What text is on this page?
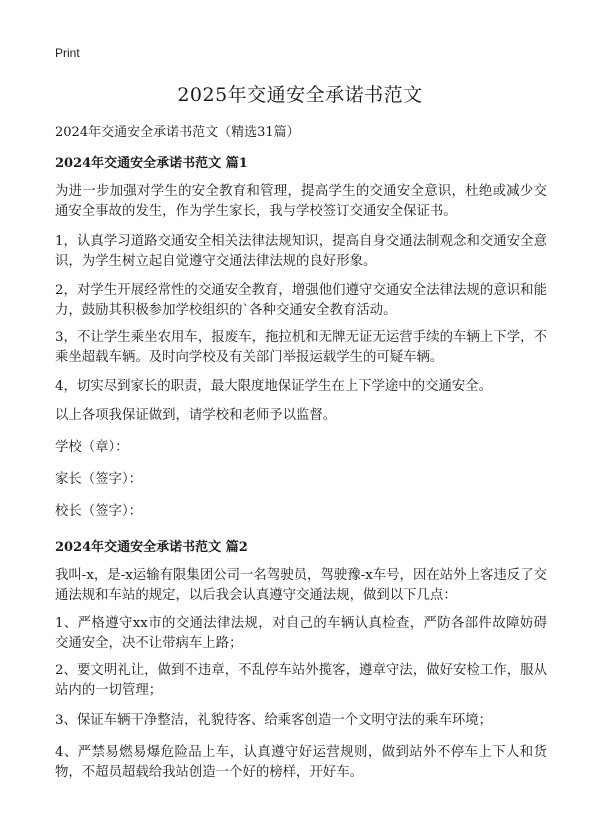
Print
2025年交通安全承诺书范文

2024年交通安全承诺书范文（精选31篇）

2024年交通安全承诺书范文 篇1

为进一步加强对学生的安全教育和管理，提高学生的交通安全意识，杜绝或减少交通安全事故的发生，作为学生家长，我与学校签订交通安全保证书。

1，认真学习道路交通安全相关法律法规知识，提高自身交通法制观念和交通安全意识，为学生树立起自觉遵守交通法律法规的良好形象。

2，对学生开展经常性的交通安全教育，增强他们遵守交通安全法律法规的意识和能力，鼓励其积极参加学校组织的`各种交通安全教育活动。

3，不让学生乘坐农用车，报废车，拖拉机和无牌无证无运营手续的车辆上下学，不乘坐超载车辆。及时向学校及有关部门举报运载学生的可疑车辆。

4，切实尽到家长的职责，最大限度地保证学生在上下学途中的交通安全。

以上各项我保证做到，请学校和老师予以监督。

学校（章）：

家长（签字）：

校长（签字）：

2024年交通安全承诺书范文 篇2

我叫-x，是-x运输有限集团公司一名驾驶员，驾驶豫-x车号，因在站外上客违反了交通法规和车站的规定，以后我会认真遵守交通法规，做到以下几点：

1、严格遵守xx市的交通法律法规，对自己的车辆认真检查，严防各部件故障妨碍交通安全，决不让带病车上路；

2、要文明礼让，做到不违章，不乱停车站外揽客，遵章守法，做好安检工作，服从站内的一切管理；

3、保证车辆干净整洁，礼貌待客、给乘客创造一个文明守法的乘车环境；

4、严禁易燃易爆危险品上车，认真遵守好运营规则，做到站外不停车上下人和货物，不超员超载给我站创造一个好的榜样，开好车。
